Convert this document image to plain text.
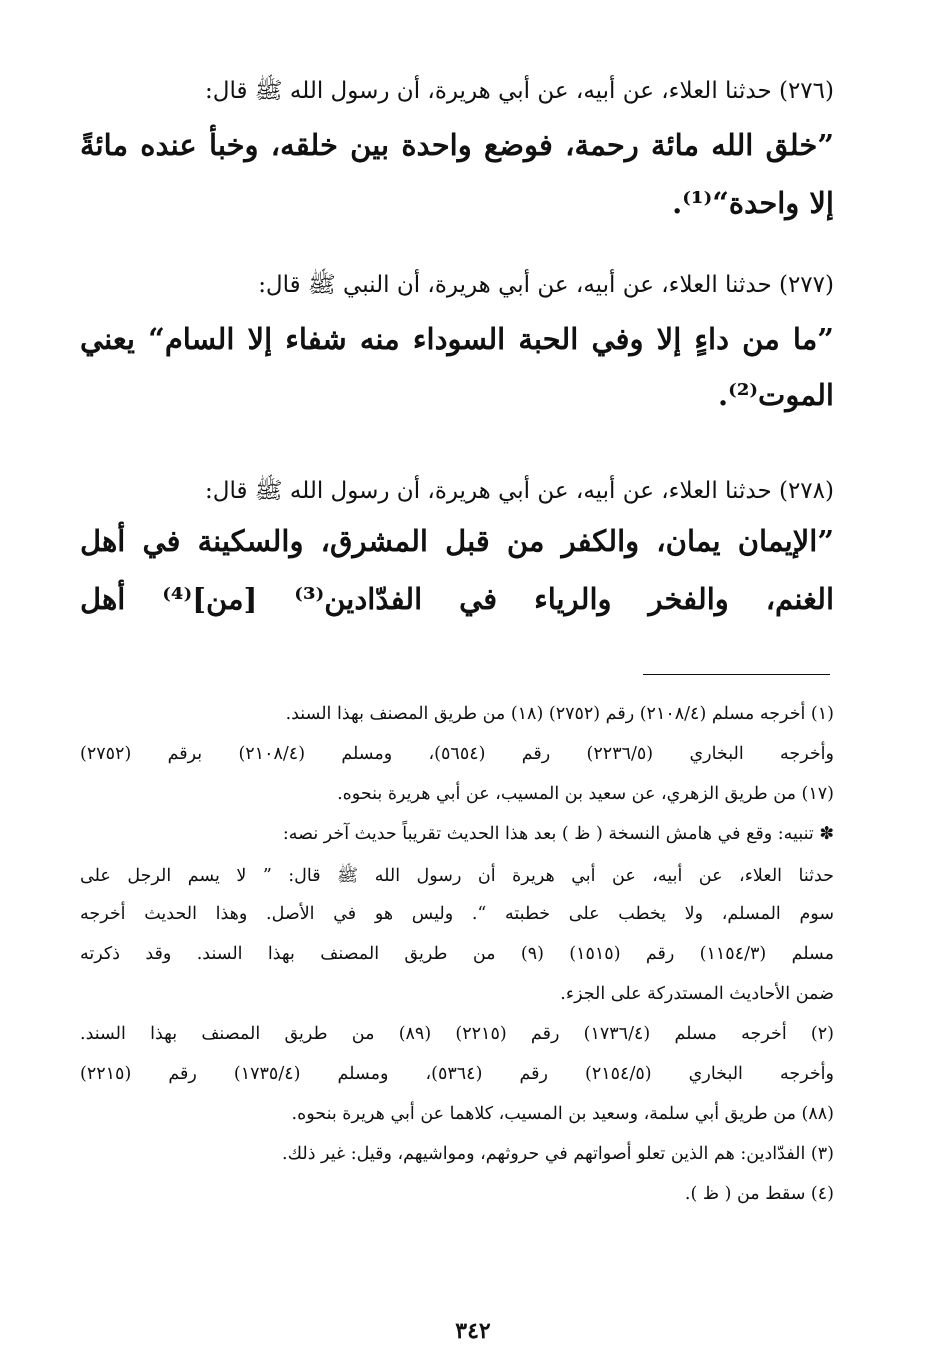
(٢٧٦) حدثنا العلاء، عن أبيه، عن أبي هريرة، أن رسول الله ﷺ قال:
”خلق الله مائة رحمة، فوضع واحدة بين خلقه، وخبأ عنده مائةً
إلا واحدة“⁽¹⁾.
(٢٧٧) حدثنا العلاء، عن أبيه، عن أبي هريرة، أن النبي ﷺ قال:
”ما من داءٍ إلا وفي الحبة السوداء منه شفاء إلا السام“ يعني
الموت⁽²⁾.
(٢٧٨) حدثنا العلاء، عن أبيه، عن أبي هريرة، أن رسول الله ﷺ قال:
”الإيمان يمان، والكفر من قبل المشرق، والسكينة في أهل
الغنم، والفخر والرياء في الفدّادين⁽³⁾ [من]⁽⁴⁾ أهل
(١) أخرجه مسلم (٢١٠٨/٤) رقم (٢٧٥٢) (١٨) من طريق المصنف بهذا السند.
وأخرجه البخاري (٢٢٣٦/٥) رقم (٥٦٥٤)، ومسلم (٢١٠٨/٤) برقم (٢٧٥٢)
(١٧) من طريق الزهري، عن سعيد بن المسيب، عن أبي هريرة بنحوه.
✽ تنبيه: وقع في هامش النسخة ( ظ ) بعد هذا الحديث تقريباً حديث آخر نصه:
حدثنا العلاء، عن أبيه، عن أبي هريرة أن رسول الله ﷺ قال: ” لا يسم الرجل على
سوم المسلم، ولا يخطب على خطبته “. وليس هو في الأصل. وهذا الحديث أخرجه
مسلم (١١٥٤/٣) رقم (١٥١٥) (٩) من طريق المصنف بهذا السند. وقد ذكرته
ضمن الأحاديث المستدركة على الجزء.
(٢) أخرجه مسلم (١٧٣٦/٤) رقم (٢٢١٥) (٨٩) من طريق المصنف بهذا السند.
وأخرجه البخاري (٢١٥٤/٥) رقم (٥٣٦٤)، ومسلم (١٧٣٥/٤) رقم (٢٢١٥)
(٨٨) من طريق أبي سلمة، وسعيد بن المسيب، كلاهما عن أبي هريرة بنحوه.
(٣) الفدّادين: هم الذين تعلو أصواتهم في حروثهم، ومواشيهم، وقيل: غير ذلك.
(٤) سقط من ( ظ ).
٣٤٢
